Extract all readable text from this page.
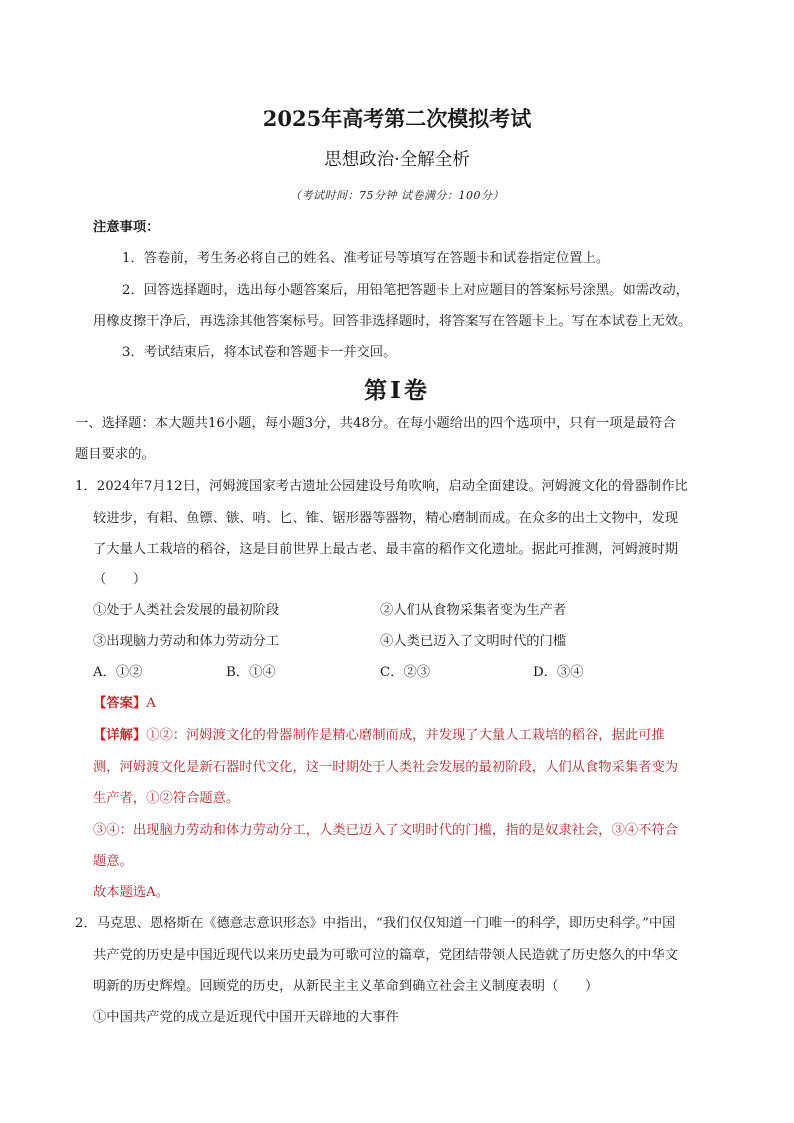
2025年高考第二次模拟考试
思想政治·全解全析
（考试时间：75分钟 试卷满分：100分）
注意事项：
1．答卷前，考生务必将自己的姓名、准考证号等填写在答题卡和试卷指定位置上。
2．回答选择题时，选出每小题答案后，用铅笔把答题卡上对应题目的答案标号涂黑。如需改动，
用橡皮擦干净后，再选涂其他答案标号。回答非选择题时，将答案写在答题卡上。写在本试卷上无效。
3．考试结束后，将本试卷和答题卡一并交回。
第Ⅰ卷
一、选择题：本大题共16小题，每小题3分，共48分。在每小题给出的四个选项中，只有一项是最符合
题目要求的。
1．2024年7月12日，河姆渡国家考古遗址公园建设号角吹响，启动全面建设。河姆渡文化的骨器制作比
较进步，有耜、鱼镖、镞、哨、匕、锥、锯形器等器物，精心磨制而成。在众多的出土文物中，发现
了大量人工栽培的稻谷，这是目前世界上最古老、最丰富的稻作文化遗址。据此可推测，河姆渡时期
（　　）
①处于人类社会发展的最初阶段	②人们从食物采集者变为生产者
③出现脑力劳动和体力劳动分工	④人类已迈入了文明时代的门槛
A．①②	B．①④	C．②③	D．③④
【答案】A
【详解】①②：河姆渡文化的骨器制作是精心磨制而成，并发现了大量人工栽培的稻谷，据此可推
测，河姆渡文化是新石器时代文化，这一时期处于人类社会发展的最初阶段，人们从食物采集者变为
生产者，①②符合题意。
③④：出现脑力劳动和体力劳动分工，人类已迈入了文明时代的门槛，指的是奴隶社会，③④不符合
题意。
故本题选A。
2．马克思、恩格斯在《德意志意识形态》中指出，“我们仅仅知道一门唯一的科学，即历史科学。”中国
共产党的历史是中国近现代以来历史最为可歌可泣的篇章，党团结带领人民造就了历史悠久的中华文
明新的历史辉煌。回顾党的历史，从新民主主义革命到确立社会主义制度表明（　　）
①中国共产党的成立是近现代中国开天辟地的大事件
